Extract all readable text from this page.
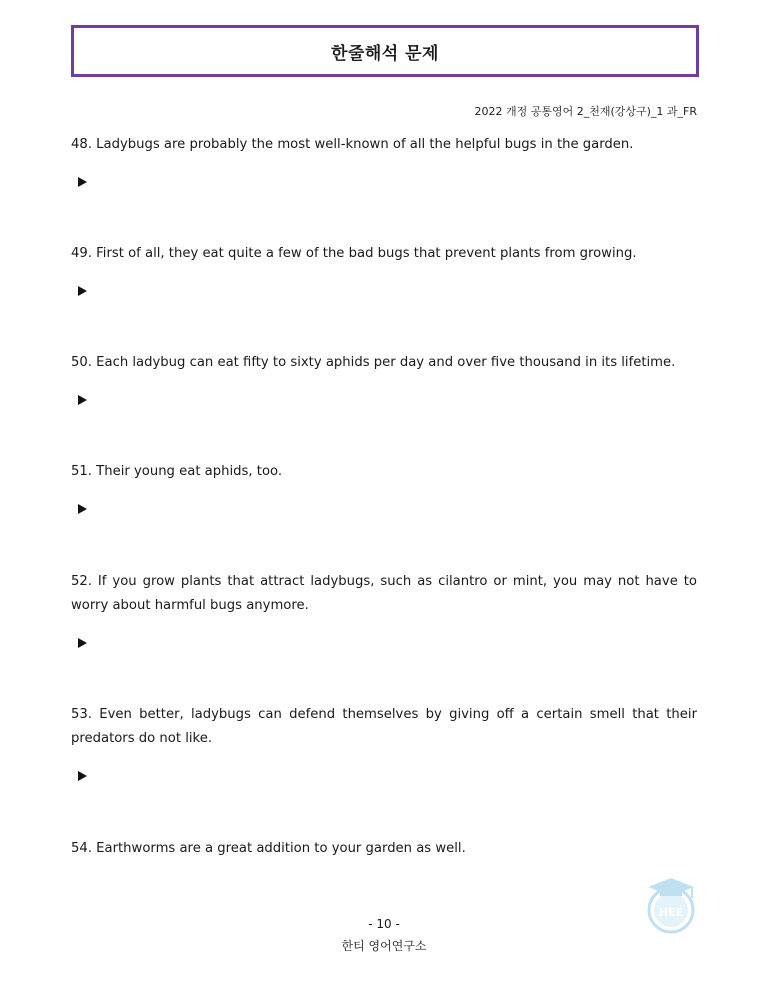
한줄해석 문제
2022 개정 공통영어 2_천재(강상구)_1 과_FR
48. Ladybugs are probably the most well-known of all the helpful bugs in the garden.
49. First of all, they eat quite a few of the bad bugs that prevent plants from growing.
50. Each ladybug can eat fifty to sixty aphids per day and over five thousand in its lifetime.
51. Their young eat aphids, too.
52. If you grow plants that attract ladybugs, such as cilantro or mint, you may not have to worry about harmful bugs anymore.
53. Even better, ladybugs can defend themselves by giving off a certain smell that their predators do not like.
54. Earthworms are a great addition to your garden as well.
HEE
- 10 -
한티 영어연구소
